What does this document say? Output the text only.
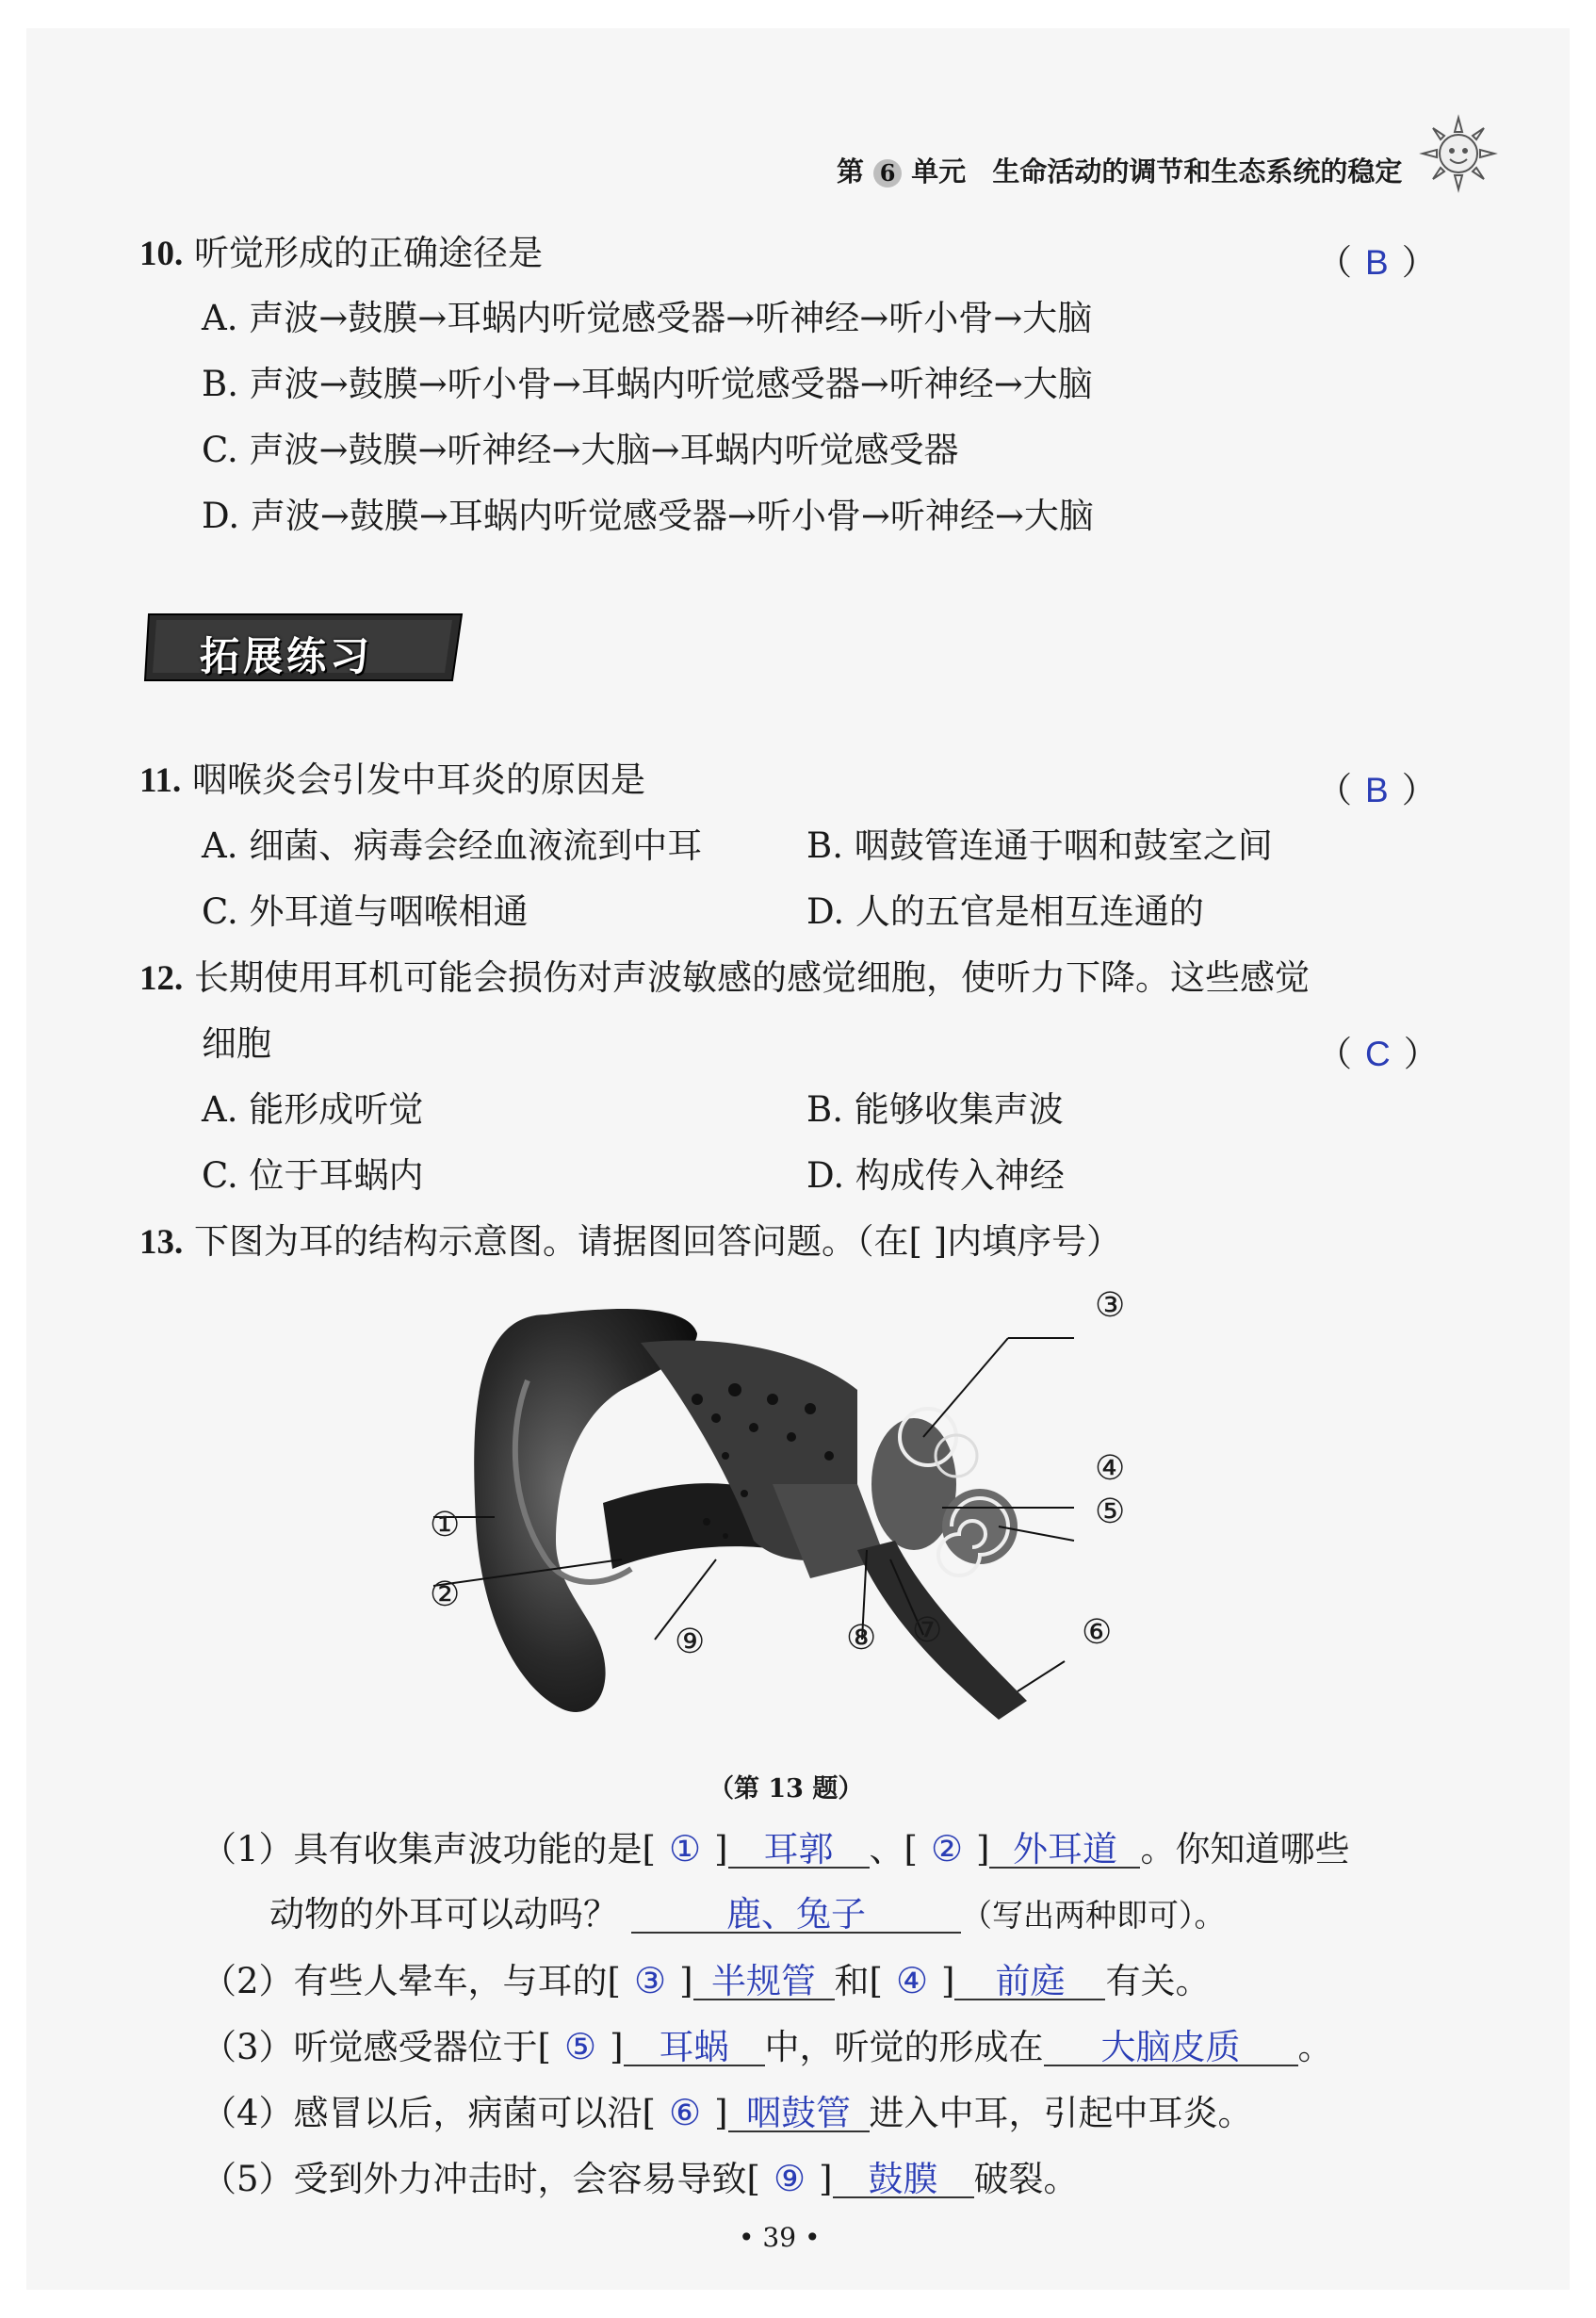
第 6 单元 生命活动的调节和生态系统的稳定
10. 听觉形成的正确途径是	（ B ）
A. 声波→鼓膜→耳蜗内听觉感受器→听神经→听小骨→大脑
B. 声波→鼓膜→听小骨→耳蜗内听觉感受器→听神经→大脑
C. 声波→鼓膜→听神经→大脑→耳蜗内听觉感受器
D. 声波→鼓膜→耳蜗内听觉感受器→听小骨→听神经→大脑
拓展练习
11. 咽喉炎会引发中耳炎的原因是	（ B ）
A. 细菌、病毒会经血液流到中耳	B. 咽鼓管连通于咽和鼓室之间
C. 外耳道与咽喉相通	D. 人的五官是相互连通的
12. 长期使用耳机可能会损伤对声波敏感的感觉细胞，使听力下降。这些感觉
细胞	（ C ）
A. 能形成听觉	B. 能够收集声波
C. 位于耳蜗内	D. 构成传入神经
13. 下图为耳的结构示意图。请据图回答问题。（在[ ]内填序号）
①
②
③
④
⑤
⑥
⑦
⑧
⑨
（第 13 题）
（1）具有收集声波功能的是[ ① ] 耳郭 、[ ② ] 外耳道 。你知道哪些
动物的外耳可以动吗？	鹿、兔子	（写出两种即可）。
（2）有些人晕车，与耳的[ ③ ] 半规管 和[ ④ ] 前庭 有关。
（3）听觉感受器位于[ ⑤ ] 耳蜗 中，听觉的形成在 大脑皮质 。
（4）感冒以后，病菌可以沿[ ⑥ ] 咽鼓管 进入中耳，引起中耳炎。
（5）受到外力冲击时，会容易导致[ ⑨ ] 鼓膜 破裂。
• 39 •
